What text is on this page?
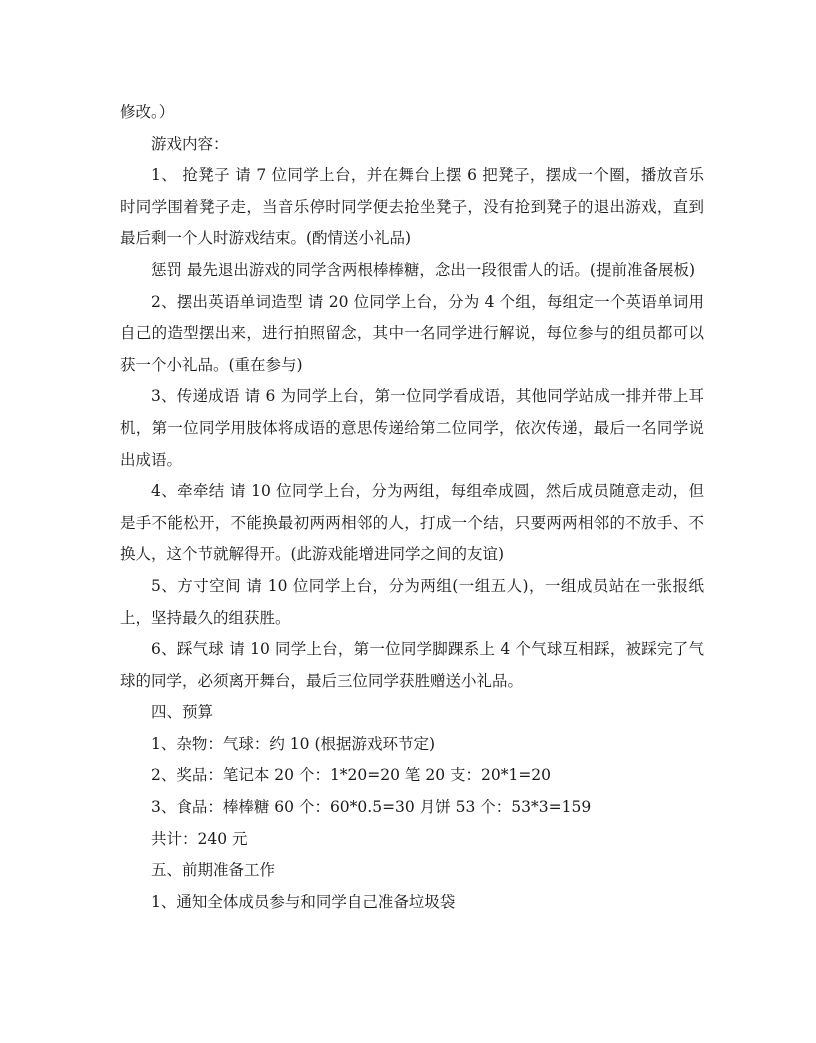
修改。）

游戏内容：

1、 抢凳子 请 7 位同学上台，并在舞台上摆 6 把凳子，摆成一个圈，播放音乐时同学围着凳子走，当音乐停时同学便去抢坐凳子，没有抢到凳子的退出游戏，直到最后剩一个人时游戏结束。(酌情送小礼品)

惩罚 最先退出游戏的同学含两根棒棒糖，念出一段很雷人的话。(提前准备展板)

2、摆出英语单词造型 请 20 位同学上台，分为 4 个组，每组定一个英语单词用自己的造型摆出来，进行拍照留念，其中一名同学进行解说，每位参与的组员都可以获一个小礼品。(重在参与)

3、传递成语 请 6 为同学上台，第一位同学看成语，其他同学站成一排并带上耳机，第一位同学用肢体将成语的意思传递给第二位同学，依次传递，最后一名同学说出成语。

4、牵牵结 请 10 位同学上台，分为两组，每组牵成圆，然后成员随意走动，但是手不能松开，不能换最初两两相邻的人，打成一个结，只要两两相邻的不放手、不换人，这个节就解得开。(此游戏能增进同学之间的友谊)

5、方寸空间 请 10 位同学上台，分为两组(一组五人)，一组成员站在一张报纸上，坚持最久的组获胜。

6、踩气球 请 10 同学上台，第一位同学脚踝系上 4 个气球互相踩，被踩完了气球的同学，必须离开舞台，最后三位同学获胜赠送小礼品。

四、预算

1、杂物：气球：约 10 (根据游戏环节定)

2、奖品：笔记本 20 个：1*20=20 笔 20 支：20*1=20

3、食品：棒棒糖 60 个：60*0.5=30 月饼 53 个：53*3=159

共计：240 元

五、前期准备工作

1、通知全体成员参与和同学自己准备垃圾袋
